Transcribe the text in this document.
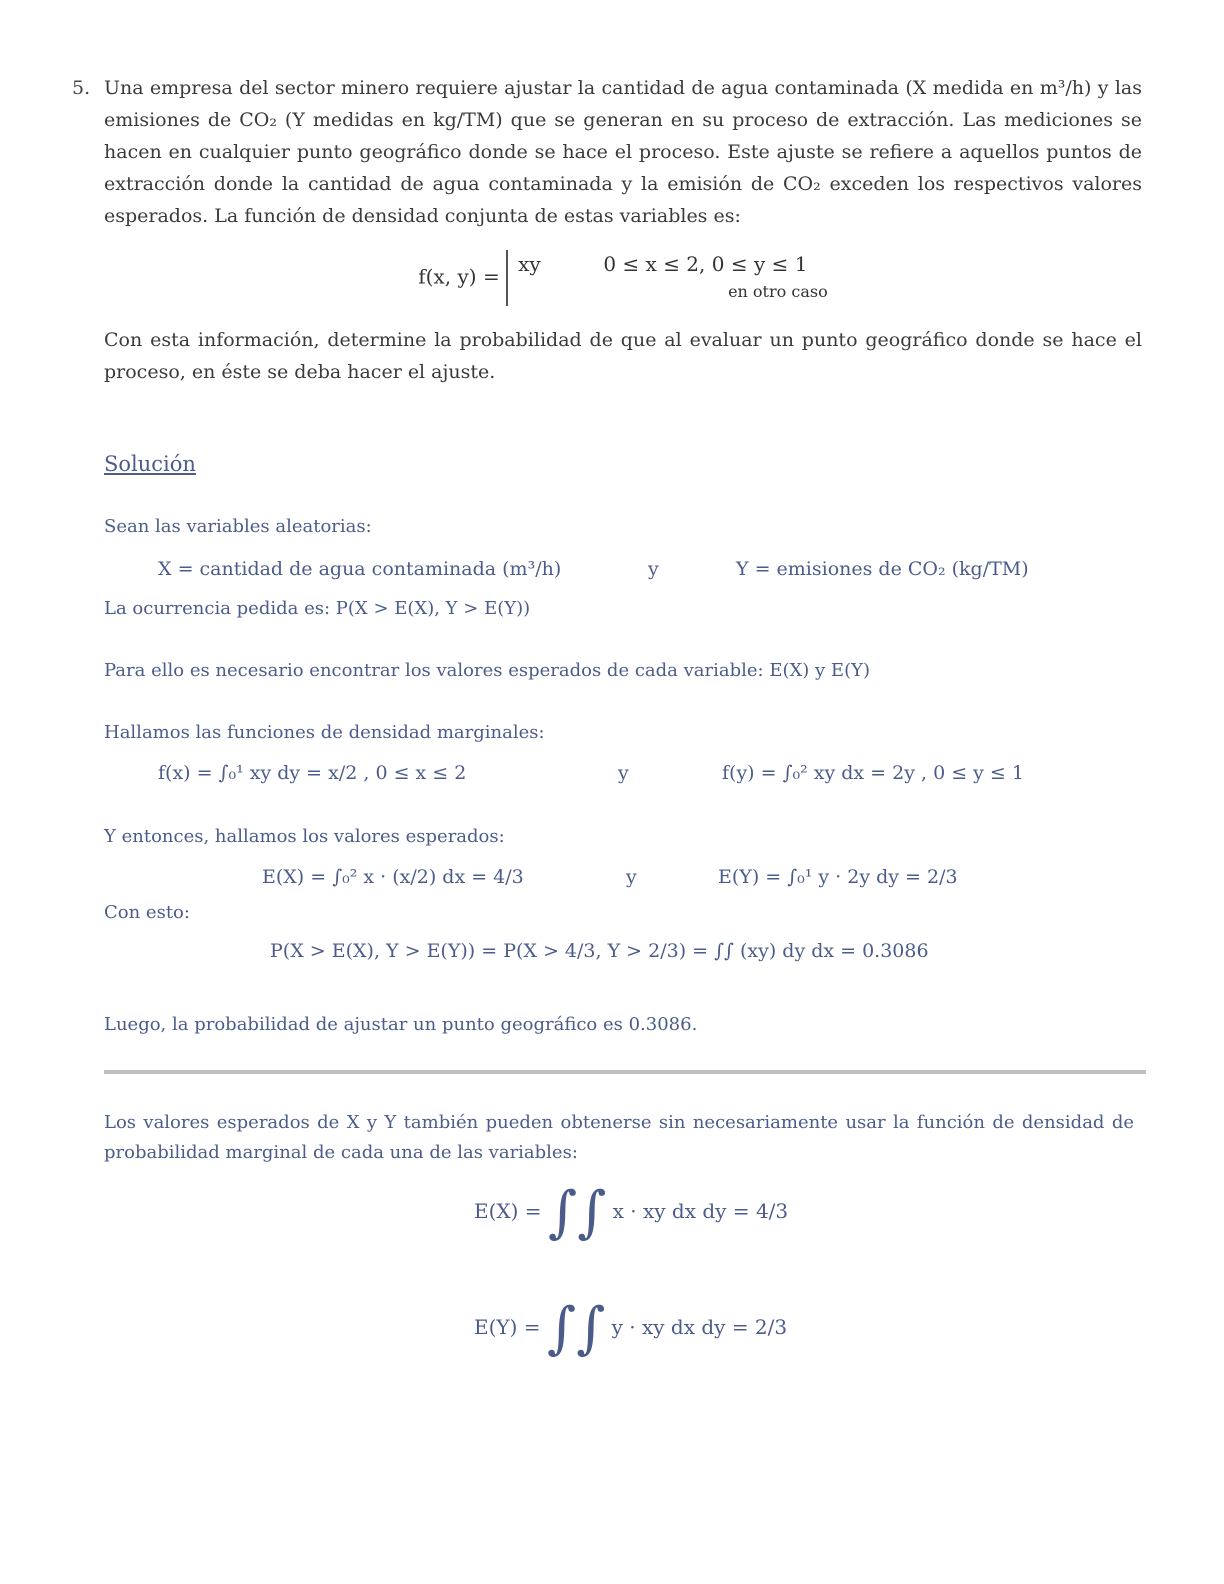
5. Una empresa del sector minero requiere ajustar la cantidad de agua contaminada (X medida en m³/h) y las emisiones de CO₂ (Y medidas en kg/TM) que se generan en su proceso de extracción. Las mediciones se hacen en cualquier punto geográfico donde se hace el proceso. Este ajuste se refiere a aquellos puntos de extracción donde la cantidad de agua contaminada y la emisión de CO₂ exceden los respectivos valores esperados. La función de densidad conjunta de estas variables es:
f(x, y) =
xy	0 ≤ x ≤ 2, 0 ≤ y ≤ 1
en otro caso
Con esta información, determine la probabilidad de que al evaluar un punto geográfico donde se hace el proceso, en éste se deba hacer el ajuste.
Solución
Sean las variables aleatorias:
X = cantidad de agua contaminada (m³/h)	y	Y = emisiones de CO₂ (kg/TM)
La ocurrencia pedida es: P(X > E(X), Y > E(Y))
Para ello es necesario encontrar los valores esperados de cada variable: E(X) y E(Y)
Hallamos las funciones de densidad marginales:
f(x) = ∫₀¹ xy dy = x/2 , 0 ≤ x ≤ 2	y	f(y) = ∫₀² xy dx = 2y , 0 ≤ y ≤ 1
Y entonces, hallamos los valores esperados:
E(X) = ∫₀² x · (x/2) dx = 4/3	y	E(Y) = ∫₀¹ y · 2y dy = 2/3
Con esto:
P(X > E(X), Y > E(Y)) = P(X > 4/3, Y > 2/3) = ∫∫ (xy) dy dx = 0.3086
Luego, la probabilidad de ajustar un punto geográfico es 0.3086.
Los valores esperados de X y Y también pueden obtenerse sin necesariamente usar la función de densidad de probabilidad marginal de cada una de las variables:
E(X) = ∫∫ x · xy dx dy = 4/3
E(Y) = ∫∫ y · xy dx dy = 2/3
